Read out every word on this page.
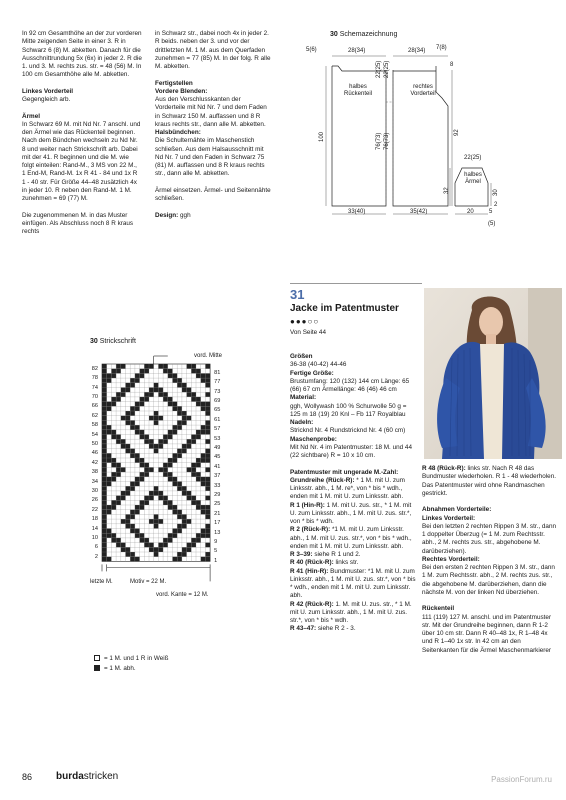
In 92 cm Gesamthöhe an der zur vorderen Mitte zeigenden Seite in einer 3. R in Schwarz 6 (8) M. abketten. Danach für die Ausschnittrundung 5x (6x) in jeder 2. R die 1. und 3. M. rechts zus. str. = 48 (56) M. In 100 cm Gesamthöhe alle M. abketten.

Linkes Vorderteil
Gegengleich arb.

Ärmel
In Schwarz 69 M. mit Nd Nr. 7 anschl. und den Ärmel wie das Rückenteil beginnen. Nach dem Bündchen wechseln zu Nd Nr. 8 und weiter nach Strickschrift arb. Dabei mit der 41. R beginnen und die M. wie folgt einteilen: Rand-M., 3 MS von 22 M., 1 End-M, Rand-M. 1x R 41 - 84 und 1x R 1 - 40 str. Für Größe 44–48 zusätzlich 4x in jeder 10. R neben den Rand-M. 1 M. zunehmen = 69 (77) M.

Die zugenommenen M. in das Muster einfügen. Als Abschluss noch 8 R kraus rechts

in Schwarz str., dabei noch 4x in jeder 2. R beids. neben der 3. und vor der drittletzten M. 1 M. aus dem Querfaden zunehmen = 77 (85) M. In der folg. R alle M. abketten.

Fertigstellen
Vordere Blenden:
Aus den Verschlusskanten der Vorderteile mit Nd Nr. 7 und dem Faden in Schwarz 150 M. auffassen und 8 R kraus rechts str., dann alle M. abketten.
Halsbündchen:

Die Schulternähte im Maschenstich schließen. Aus dem Halsausschnitt mit Nd Nr. 7 und den Faden in Schwarz 75 (81) M. auffassen und 8 R kraus rechts str., dann alle M. abketten.

Ärmel einsetzen. Ärmel- und Seitennähte schließen.

Design: ggh
30 Schemazeichnung
5(6)	28(34)	28(34) 7(8)
8
halbes Rückenteil
rechtes Vorderteil
22(25) 22(25)
76(73) 76(73)
100	92
22(25)
halbes Ärmel
30
32
33(40)	35(42)	20	5
(5)
2
31
Jacke im Patentmuster
●●●○○
Von Seite 44
Größen
36-38 (40-42) 44-46
Fertige Größe:
Brustumfang: 120 (132) 144 cm Länge: 65 (66) 67 cm Ärmellänge: 46 (46) 46 cm
Material:
ggh, Wollywash 100 % Schurwolle 50 g = 125 m 18 (19) 20 Knl – Fb 117 Royalblau
Nadeln:
Stricknd Nr. 4 Rundstricknd Nr. 4 (60 cm)
Maschenprobe:

Mit Nd Nr. 4 im Patentmuster: 18 M. und 44 (22 sichtbare) R = 10 x 10 cm.

Patentmuster mit ungerade M.-Zahl:
Grundreihe (Rück-R): * 1 M. mit U. zum Linksstr. abh., 1 M. re*, von * bis * wdh., enden mit 1 M. mit U. zum Linksstr. abh.
R 1 (Hin-R): 1 M. mit U. zus. str., * 1 M. mit U. zum Linksstr. abh., 1 M. mit U. zus. str.*, von * bis * wdh.
R 2 (Rück-R): *1 M. mit U. zum Linksstr. abh., 1 M. mit U. zus. str.*, von * bis * wdh., enden mit 1 M. mit U. zum Linksstr. abh.
R 3–39: siehe R 1 und 2.
R 40 (Rück-R): links str.
R 41 (Hin-R): Bundmuster: *1 M. mit U. zum Linksstr. abh., 1 M. mit U. zus. str.*, von * bis * wdh., enden mit 1 M. mit U. zum Linksstr. abh.
R 42 (Rück-R): 1. M. mit U. zus. str., * 1 M. mit U. zum Linksstr. abh., 1 M. mit U. zus. str.*, von * bis * wdh.
R 43–47: siehe R 2 - 3.

R 48 (Rück-R): links str. Nach R 48 das Bundmuster wiederholen. R 1 - 48 wiederholen. Das Patentmuster wird ohne Randmaschen gestrickt.

Abnahmen Vorderteile:
Linkes Vorderteil:
Bei den letzten 2 rechten Rippen 3 M. str., dann 1 doppelter Überzug (= 1 M. zum Rechtsstr. abh., 2 M. rechts zus. str., abgehobene M. darüberziehen).
Rechtes Vorderteil:

Bei den ersten 2 rechten Rippen 3 M. str., dann 1 M. zum Rechtsstr. abh., 2 M. rechts zus. str., die abgehobene M. darüberziehen, dann die nächste M. von der linken Nd überziehen.

Rückenteil
111 (119) 127 M. anschl. und im Patentmuster str. Mit der Grundreihe beginnen, dann R 1-2 über 10 cm str. Dann R 40–48 1x, R 1–48 4x und R 1–40 1x str. In 42 cm an den Seitenkanten für die Ärmel Maschenmarkierer
30 Strickschrift
vord. Mitte
82
78
74
70
66
62
58
54
50
46
42
38
34
30
26
22
18
14
10
6
2
81
77
73
69
65
61
57
53
49
45
41
37
33
29
25
21
17
13
9
5
1
letzte M.	Motiv = 22 M.
vord. Kante = 12 M.
= 1 M. und 1 R in Weiß
= 1 M. abh.
86 burdastricken	PassionForum.ru
